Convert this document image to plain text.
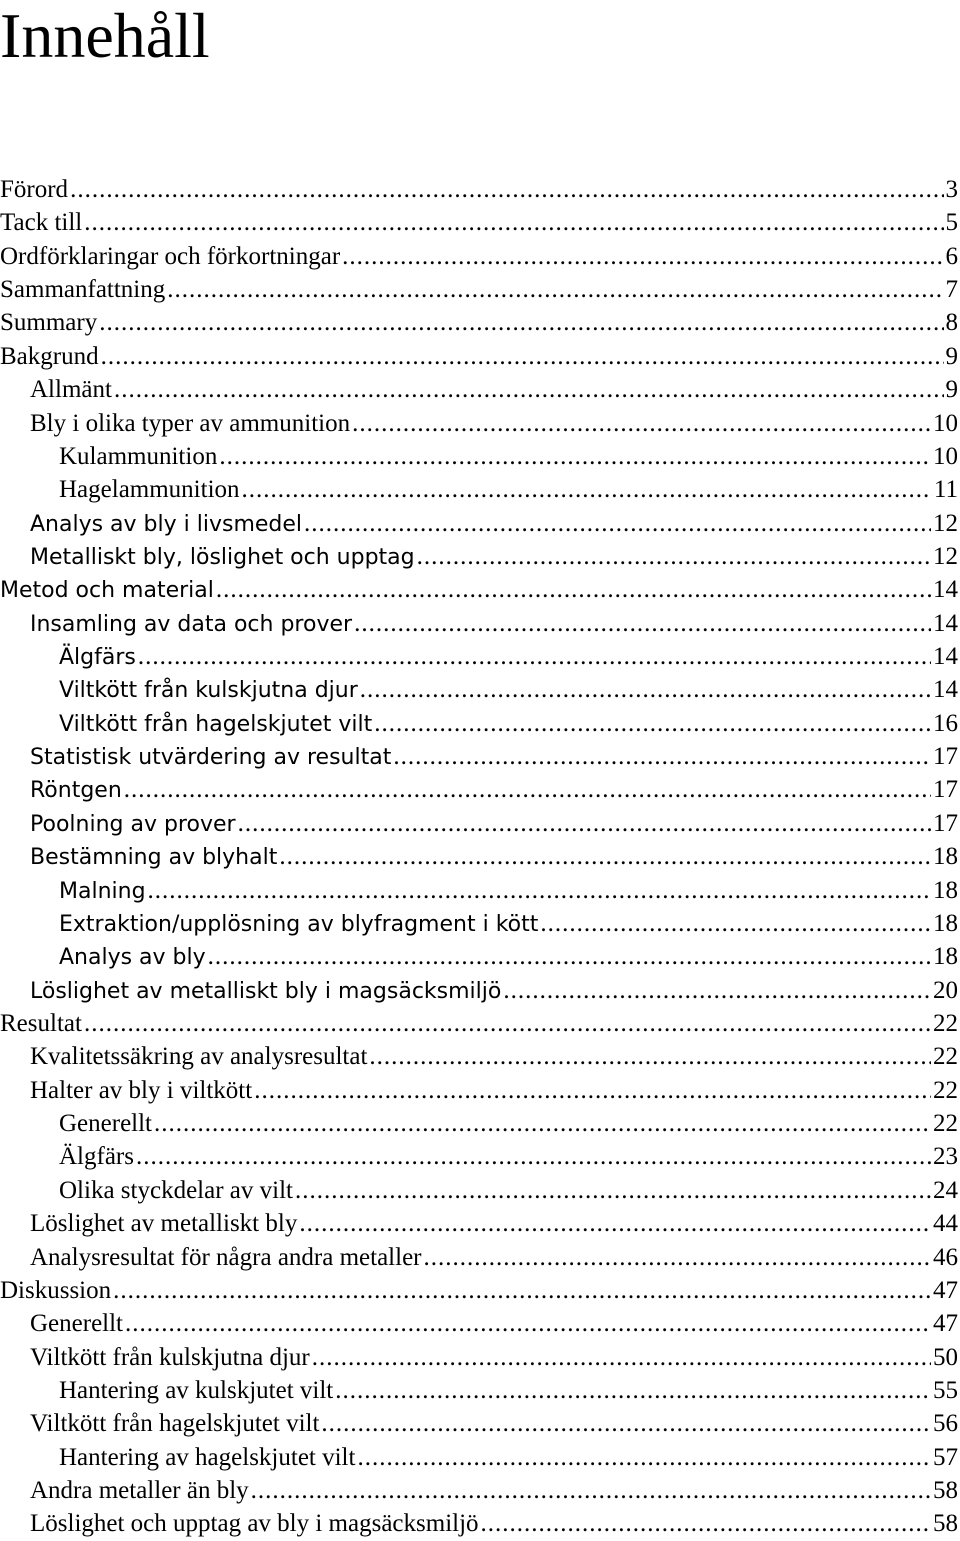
Innehåll
Förord .....	3
Tack till .....	5
Ordförklaringar och förkortningar .....	6
Sammanfattning .....	7
Summary .....	8
Bakgrund .....	9
Allmänt .....	9
Bly i olika typer av ammunition .....	10
Kulammunition .....	10
Hagelammunition .....	11
Analys av bly i livsmedel .....	12
Metalliskt bly, löslighet och upptag .....	12
Metod och material .....	14
Insamling av data och prover .....	14
Älgfärs .....	14
Viltkött från kulskjutna djur .....	14
Viltkött från hagelskjutet vilt .....	16
Statistisk utvärdering av resultat .....	17
Röntgen .....	17
Poolning av prover .....	17
Bestämning av blyhalt .....	18
Malning .....	18
Extraktion/upplösning av blyfragment i kött .....	18
Analys av bly .....	18
Löslighet av metalliskt bly i magsäcksmiljö .....	20
Resultat .....	22
Kvalitetssäkring av analysresultat .....	22
Halter av bly i viltkött .....	22
Generellt .....	22
Älgfärs .....	23
Olika styckdelar av vilt .....	24
Löslighet av metalliskt bly .....	44
Analysresultat för några andra metaller .....	46
Diskussion .....	47
Generellt .....	47
Viltkött från kulskjutna djur .....	50
Hantering av kulskjutet vilt .....	55
Viltkött från hagelskjutet vilt .....	56
Hantering av hagelskjutet vilt .....	57
Andra metaller än bly .....	58
Löslighet och upptag av bly i magsäcksmiljö .....	58
